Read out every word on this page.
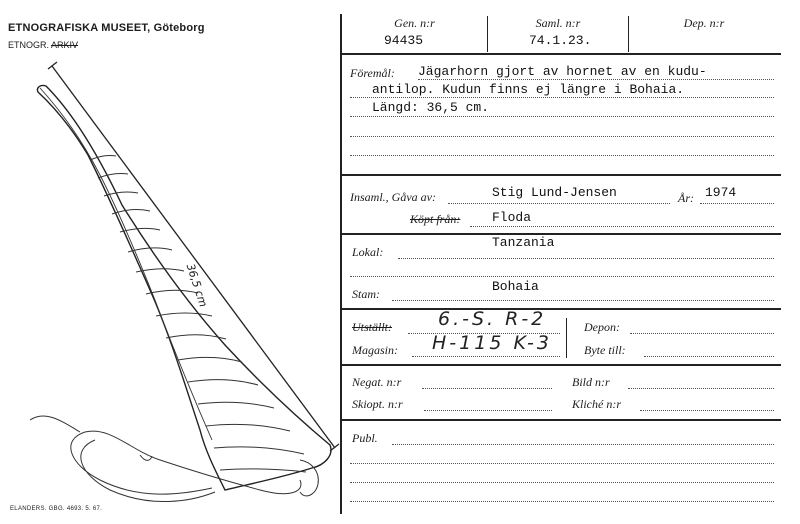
ETNOGRAFISKA MUSEET, Göteborg
ETNOGR. ARKIV
36,5 cm
ELANDERS. GBG. 4693. 5. 67.
Gen. n:r
94435
Saml. n:r
74.1.23.
Dep. n:r
Föremål: Jägarhorn gjort av hornet av en kudu-
antilop. Kudun finns ej längre i Bohaia.
Längd: 36,5 cm.
Insaml., Gåva av:	Stig Lund-Jensen	År: 1974
Köpt från: Floda
Lokal:
Tanzania
Stam:	Bohaia
Utställt: 6.-S. R-2
Magasin: H-115 K-3
Depon:
Byte till:
Negat. n:r	Bild n:r
Skiopt. n:r	Kliché n:r
Publ.
